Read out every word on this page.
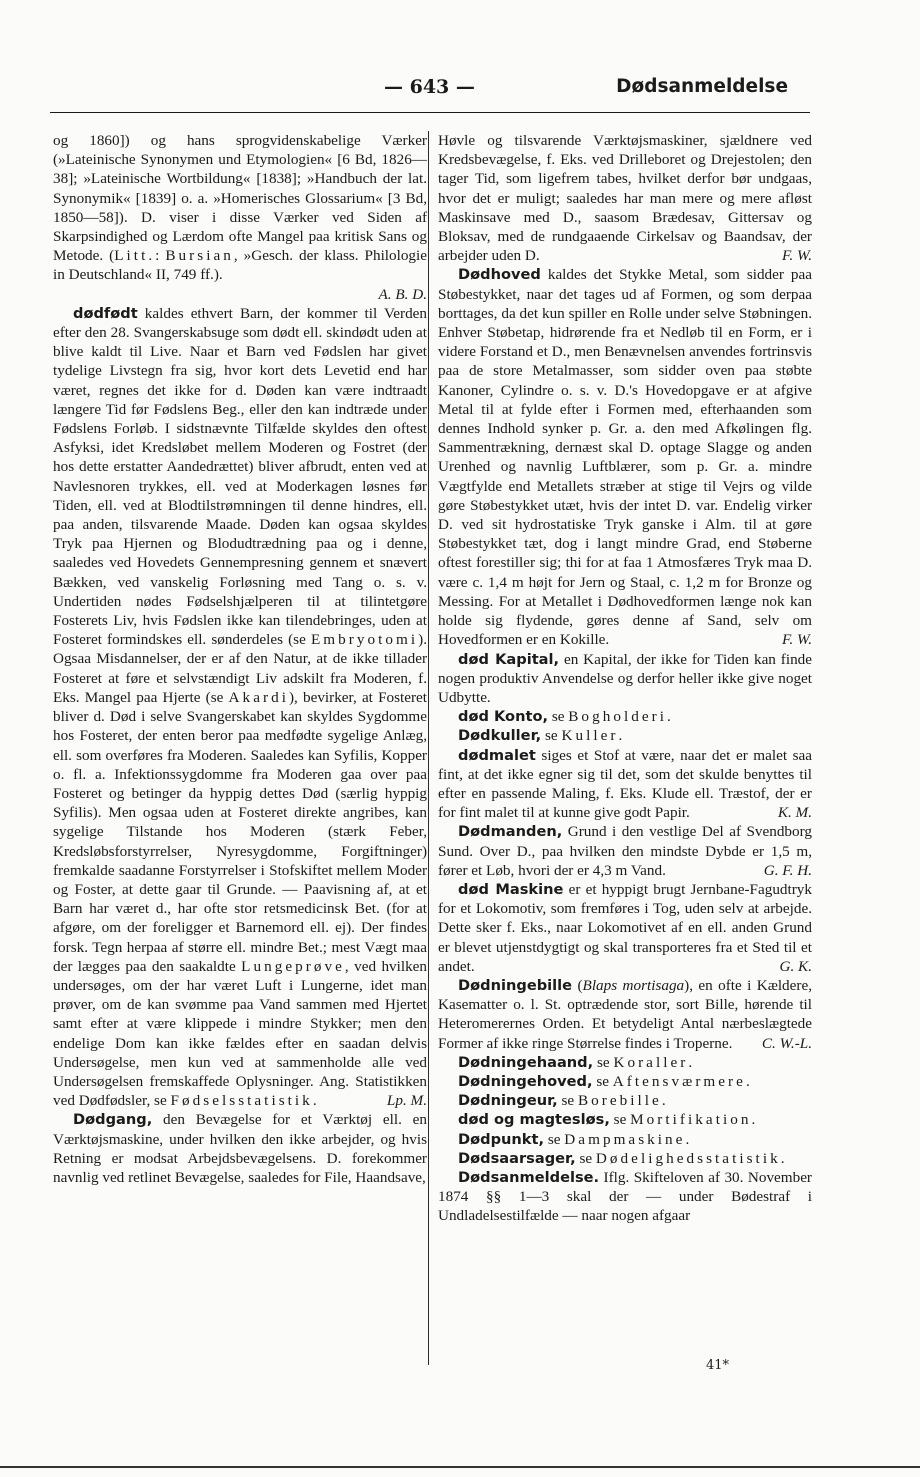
— 643 —	Dødsanmeldelse

og 1860]) og hans sprogvidenskabelige Værker (»Lateinische Synonymen und Etymologien« [6 Bd, 1826—38]; »Lateinische Wortbildung« [1838]; »Handbuch der lat. Synonymik« [1839] o. a. »Homerisches Glossarium« [3 Bd, 1850—58]). D. viser i disse Værker ved Siden af Skarpsindighed og Lærdom ofte Mangel paa kritisk Sans og Metode. (Litt.: Bursian, »Gesch. der klass. Philologie in Deutschland« II, 749 ff.).
A. B. D.

dødfødt kaldes ethvert Barn, der kommer til Verden efter den 28. Svangerskabsuge som dødt ell. skindødt uden at blive kaldt til Live. Naar et Barn ved Fødslen har givet tydelige Livstegn fra sig, hvor kort dets Levetid end har været, regnes det ikke for d. Døden kan være indtraadt længere Tid før Fødslens Beg., eller den kan indtræde under Fødslens Forløb. I sidstnævnte Tilfælde skyldes den oftest Asfyksi, idet Kredsløbet mellem Moderen og Fostret (der hos dette erstatter Aandedrættet) bliver afbrudt, enten ved at Navlesnoren trykkes, ell. ved at Moderkagen løsnes før Tiden, ell. ved at Blodtilstrømningen til denne hindres, ell. paa anden, tilsvarende Maade. Døden kan ogsaa skyldes Tryk paa Hjernen og Blodudtrædning paa og i denne, saaledes ved Hovedets Gennempresning gennem et snævert Bækken, ved vanskelig Forløsning med Tang o. s. v. Undertiden nødes Fødselshjælperen til at tilintetgøre Fosterets Liv, hvis Fødslen ikke kan tilendebringes, uden at Fosteret formindskes ell. sønderdeles (se Embryotomi). Ogsaa Misdannelser, der er af den Natur, at de ikke tillader Fosteret at føre et selvstændigt Liv adskilt fra Moderen, f. Eks. Mangel paa Hjerte (se Akardi), bevirker, at Fosteret bliver d. Død i selve Svangerskabet kan skyldes Sygdomme hos Fosteret, der enten beror paa medfødte sygelige Anlæg, ell. som overføres fra Moderen. Saaledes kan Syfilis, Kopper o. fl. a. Infektionssygdomme fra Moderen gaa over paa Fosteret og betinger da hyppig dettes Død (særlig hyppig Syfilis). Men ogsaa uden at Fosteret direkte angribes, kan sygelige Tilstande hos Moderen (stærk Feber, Kredsløbsforstyrrelser, Nyresygdomme, Forgiftninger) fremkalde saadanne Forstyrrelser i Stofskiftet mellem Moder og Foster, at dette gaar til Grunde. — Paavisning af, at et Barn har været d., har ofte stor retsmedicinsk Bet. (for at afgøre, om der foreligger et Barnemord ell. ej). Der findes forsk. Tegn herpaa af større ell. mindre Bet.; mest Vægt maa der lægges paa den saakaldte Lungeprøve, ved hvilken undersøges, om der har været Luft i Lungerne, idet man prøver, om de kan svømme paa Vand sammen med Hjertet samt efter at være klippede i mindre Stykker; men den endelige Dom kan ikke fældes efter en saadan delvis Undersøgelse, men kun ved at sammenholde alle ved Undersøgelsen fremskaffede Oplysninger. Ang. Statistikken ved Dødfødsler, se Fødselsstatistik.	Lp. M.

Dødgang, den Bevægelse for et Værktøj ell. en Værktøjsmaskine, under hvilken den ikke arbejder, og hvis Retning er modsat Arbejdsbevægelsens. D. forekommer navnlig ved retlinet Bevægelse, saaledes for File, Haandsave,

Høvle og tilsvarende Værktøjsmaskiner, sjældnere ved Kredsbevægelse, f. Eks. ved Drilleboret og Drejestolen; den tager Tid, som ligefrem tabes, hvilket derfor bør undgaas, hvor det er muligt; saaledes har man mere og mere afløst Maskinsave med D., saasom Brædesav, Gittersav og Bloksav, med de rundgaaende Cirkelsav og Baandsav, der arbejder uden D.	F. W.

Dødhoved kaldes det Stykke Metal, som sidder paa Støbestykket, naar det tages ud af Formen, og som derpaa borttages, da det kun spiller en Rolle under selve Støbningen. Enhver Støbetap, hidrørende fra et Nedløb til en Form, er i videre Forstand et D., men Benævnelsen anvendes fortrinsvis paa de store Metalmasser, som sidder oven paa støbte Kanoner, Cylindre o. s. v. D.'s Hovedopgave er at afgive Metal til at fylde efter i Formen med, efterhaanden som dennes Indhold synker p. Gr. a. den med Afkølingen flg. Sammentrækning, dernæst skal D. optage Slagge og anden Urenhed og navnlig Luftblærer, som p. Gr. a. mindre Vægtfylde end Metallets stræber at stige til Vejrs og vilde gøre Støbestykket utæt, hvis der intet D. var. Endelig virker D. ved sit hydrostatiske Tryk ganske i Alm. til at gøre Støbestykket tæt, dog i langt mindre Grad, end Støberne oftest forestiller sig; thi for at faa 1 Atmosfæres Tryk maa D. være c. 1,4 m højt for Jern og Staal, c. 1,2 m for Bronze og Messing. For at Metallet i Dødhovedformen længe nok kan holde sig flydende, gøres denne af Sand, selv om Hovedformen er en Kokille.	F. W.

død Kapital, en Kapital, der ikke for Tiden kan finde nogen produktiv Anvendelse og derfor heller ikke give noget Udbytte.

død Konto, se Bogholderi.

Dødkuller, se Kuller.

dødmalet siges et Stof at være, naar det er malet saa fint, at det ikke egner sig til det, som det skulde benyttes til efter en passende Maling, f. Eks. Klude ell. Træstof, der er for fint malet til at kunne give godt Papir.	K. M.

Dødmanden, Grund i den vestlige Del af Svendborg Sund. Over D., paa hvilken den mindste Dybde er 1,5 m, fører et Løb, hvori der er 4,3 m Vand.	G. F. H.

død Maskine er et hyppigt brugt Jernbane-Fagudtryk for et Lokomotiv, som fremføres i Tog, uden selv at arbejde. Dette sker f. Eks., naar Lokomotivet af en ell. anden Grund er blevet utjenstdygtigt og skal transporteres fra et Sted til et andet.	G. K.

Dødningebille (Blaps mortisaga), en ofte i Kældere, Kasematter o. l. St. optrædende stor, sort Bille, hørende til Heteromerernes Orden. Et betydeligt Antal nærbeslægtede Former af ikke ringe Størrelse findes i Troperne.	C. W.-L.

Dødningehaand, se Koraller.

Dødningehoved, se Aftensværmere.

Dødningeur, se Borebille.

død og magtesløs, se Mortifikation.

Dødpunkt, se Dampmaskine.

Dødsaarsager, se Dødelighedsstatistik.

Dødsanmeldelse. Iflg. Skifteloven af 30. November 1874 §§ 1—3 skal der — under Bødestraf i Undladelsestilfælde — naar nogen afgaar

41*
